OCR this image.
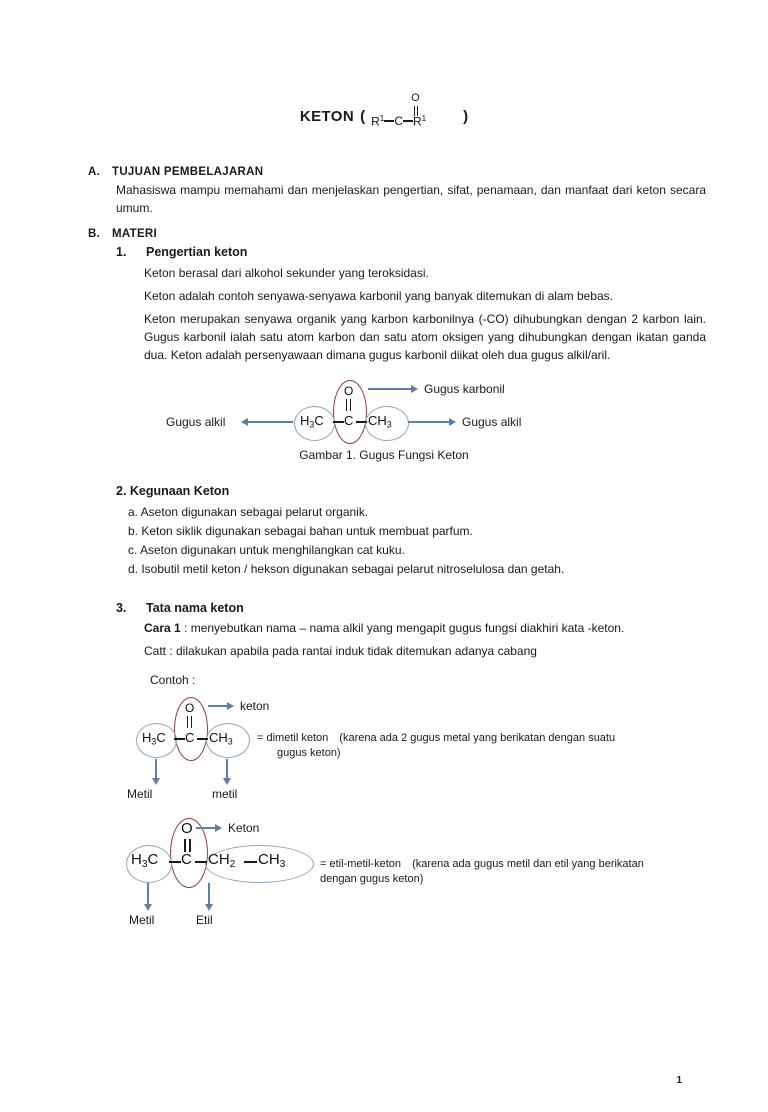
KETON (
O
$R^1$ C $R^1$ )
A. TUJUAN PEMBELAJARAN
Mahasiswa mampu memahami dan menjelaskan pengertian, sifat, penamaan, dan manfaat dari keton secara umum.
B. MATERI
1.	Pengertian keton
Keton berasal dari alkohol sekunder yang teroksidasi.
Keton adalah contoh senyawa-senyawa karbonil yang banyak ditemukan di alam bebas.
Keton merupakan senyawa organik yang karbon karbonilnya (-CO) dihubungkan dengan 2 karbon lain. Gugus karbonil ialah satu atom karbon dan satu atom oksigen yang dihubungkan dengan ikatan ganda dua. Keton adalah persenyawaan dimana gugus karbonil diikat oleh dua gugus alkil/aril.
O
$H_3C$ C $CH_3$
Gugus karbonil
Gugus alkil	Gugus alkil
Gambar 1. Gugus Fungsi Keton
2. Kegunaan Keton
a. Aseton digunakan sebagai pelarut organik.
b. Keton siklik digunakan sebagai bahan untuk membuat parfum.
c. Aseton digunakan untuk menghilangkan cat kuku.
d. Isobutil metil keton / hekson digunakan sebagai pelarut nitroselulosa dan getah.
3.	Tata nama keton
Cara 1 : menyebutkan nama – nama alkil yang mengapit gugus fungsi diakhiri kata -keton.
Catt : dilakukan apabila pada rantai induk tidak ditemukan adanya cabang
Contoh :
O
$H_3C$ C $CH_3$
keton
Metil	metil
= dimetil keton (karena ada 2 gugus metal yang berikatan dengan suatu
gugus keton)
O
$H_3C$ C $CH_2$ $CH_3$
Keton
Metil	Etil
= etil-metil-keton (karena ada gugus metil dan etil yang berikatan
dengan gugus keton)
1
